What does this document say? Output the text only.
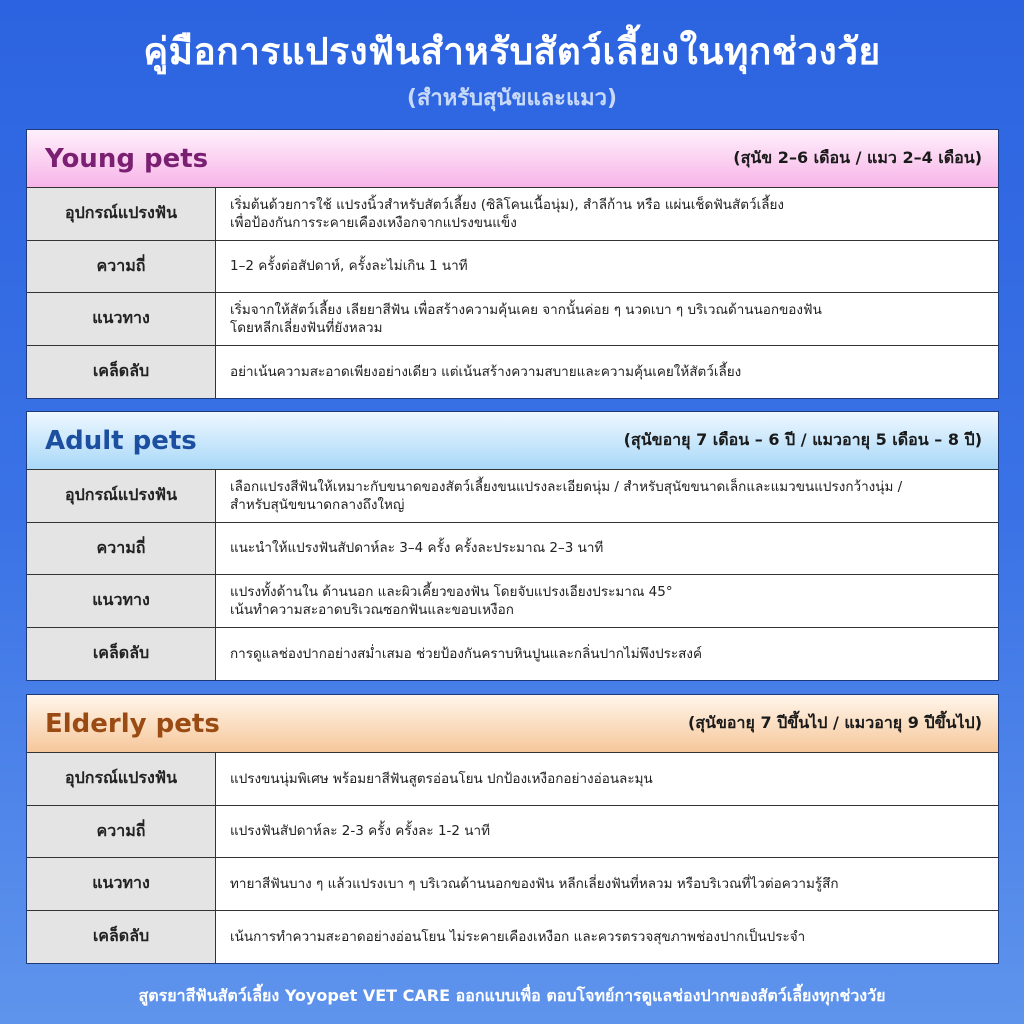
คู่มือการแปรงฟันสำหรับสัตว์เลี้ยงในทุกช่วงวัย
(สำหรับสุนัขและแมว)
Young pets	(สุนัข 2–6 เดือน / แมว 2–4 เดือน)
อุปกรณ์แปรงฟัน	เริ่มต้นด้วยการใช้ แปรงนิ้วสำหรับสัตว์เลี้ยง (ซิลิโคนเนื้อนุ่ม), สำลีก้าน หรือ แผ่นเช็ดฟันสัตว์เลี้ยง
เพื่อป้องกันการระคายเคืองเหงือกจากแปรงขนแข็ง
ความถี่	1–2 ครั้งต่อสัปดาห์, ครั้งละไม่เกิน 1 นาที
แนวทาง	เริ่มจากให้สัตว์เลี้ยง เลียยาสีฟัน เพื่อสร้างความคุ้นเคย จากนั้นค่อย ๆ นวดเบา ๆ บริเวณด้านนอกของฟัน
โดยหลีกเลี่ยงฟันที่ยังหลวม
เคล็ดลับ	อย่าเน้นความสะอาดเพียงอย่างเดียว แต่เน้นสร้างความสบายและความคุ้นเคยให้สัตว์เลี้ยง
Adult pets	(สุนัขอายุ 7 เดือน – 6 ปี / แมวอายุ 5 เดือน – 8 ปี)
อุปกรณ์แปรงฟัน	เลือกแปรงสีฟันให้เหมาะกับขนาดของสัตว์เลี้ยงขนแปรงละเอียดนุ่ม / สำหรับสุนัขขนาดเล็กและแมวขนแปรงกว้างนุ่ม /
สำหรับสุนัขขนาดกลางถึงใหญ่
ความถี่	แนะนำให้แปรงฟันสัปดาห์ละ 3–4 ครั้ง ครั้งละประมาณ 2–3 นาที
แนวทาง	แปรงทั้งด้านใน ด้านนอก และผิวเคี้ยวของฟัน โดยจับแปรงเอียงประมาณ 45°
เน้นทำความสะอาดบริเวณซอกฟันและขอบเหงือก
เคล็ดลับ	การดูแลช่องปากอย่างสม่ำเสมอ ช่วยป้องกันคราบหินปูนและกลิ่นปากไม่พึงประสงค์
Elderly pets	(สุนัขอายุ 7 ปีขึ้นไป / แมวอายุ 9 ปีขึ้นไป)
อุปกรณ์แปรงฟัน	แปรงขนนุ่มพิเศษ พร้อมยาสีฟันสูตรอ่อนโยน ปกป้องเหงือกอย่างอ่อนละมุน
ความถี่	แปรงฟันสัปดาห์ละ 2-3 ครั้ง ครั้งละ 1-2 นาที
แนวทาง	ทายาสีฟันบาง ๆ แล้วแปรงเบา ๆ บริเวณด้านนอกของฟัน หลีกเลี่ยงฟันที่หลวม หรือบริเวณที่ไวต่อความรู้สึก
เคล็ดลับ	เน้นการทำความสะอาดอย่างอ่อนโยน ไม่ระคายเคืองเหงือก และควรตรวจสุขภาพช่องปากเป็นประจำ
สูตรยาสีฟันสัตว์เลี้ยง Yoyopet VET CARE ออกแบบเพื่อ ตอบโจทย์การดูแลช่องปากของสัตว์เลี้ยงทุกช่วงวัย
